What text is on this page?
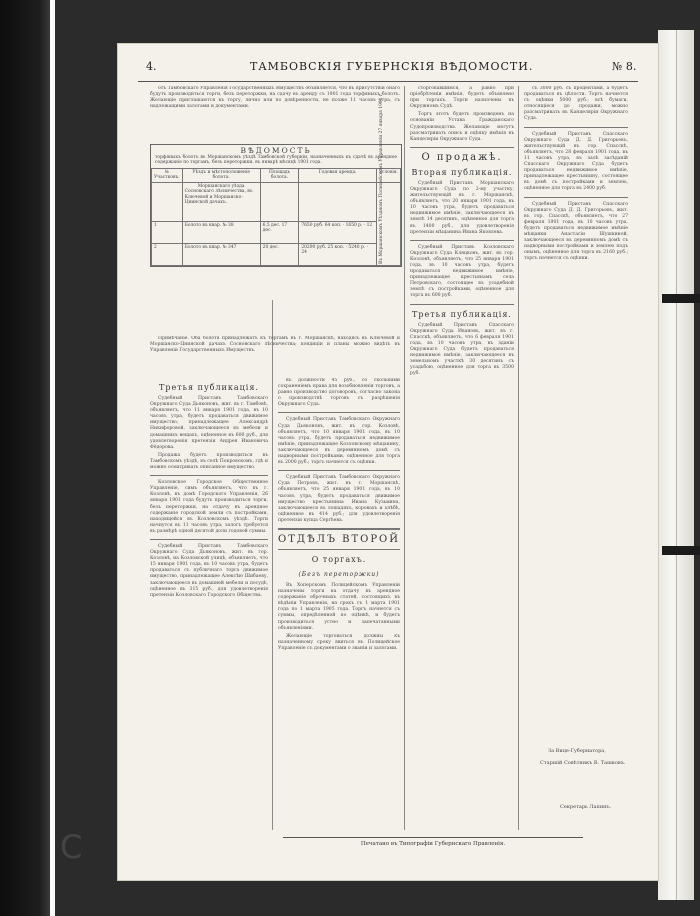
C
4.	ТАМБОВСКІЯ ГУБЕРНСКІЯ ВѢДОМОСТИ.	№ 8.

отъ Тамбовскаго Управленія Государственныхъ Имуществъ объявляется, что въ присутствіи онаго будутъ производиться торги, безъ переторжки, на сдачу въ аренду съ 1901 года торфяныхъ болотъ. Желающіе приглашаются къ торгу, лично или по довѣренности, не позже 11 часовъ утра, съ надлежащими залогами и документами.

ВѢДОМОСТЬ
торфяныхъ болотъ въ Моршанскомъ уѣздѣ Тамбовской губерніи, назначенныхъ къ сдачѣ въ арендное содержаніе по торгамъ, безъ переторжки, въ январѣ мѣсяцѣ 1901 года.
№ Участковъ.	Уѣздъ и мѣстоположеніе болота.	Площадь болота.	Годовая аренда.	Условія.

	Моршанскаго уѣзда
Сосновскаго лѣсничества, въ Ключевой и Моршанско-Цнинской дачахъ.			Въ Моршанскомъ Уѣздномъ Полицейскомъ Управленіи 27 января 1901 г.

1	Болото въ квар. № 38	6,5 дес. 17 дес.	7650 руб. 64 коп. · 1650 р. · 12	
2	Болото въ квар. № 347	20 дес.	20290 руб. 25 коп. · 5240 р. · 24	

Примѣчаніе. Оба болота принадлежатъ къ торгамъ въ г. Моршанскѣ, находясь въ Ключевой и Моршанско-Цнинской дачахъ Сосновскаго лѣсничества; кондиціи и планы можно видѣть въ Управленіи Государственныхъ Имуществъ.

Третья публикація.

Судебный Приставъ Тамбовскаго Окружнаго Суда Дьяконовъ, жит. въ г. Тамбовѣ, объявляетъ, что 11 января 1901 года, въ 10 часовъ утра, будетъ продаваться движимое имущество, принадлежащее Александрѣ Никифоровой, заключающееся въ мебели и домашнихъ вещахъ, оцѣненное въ 600 руб., для удовлетворенія претензіи Андрея Ивановича Фёдорова.

Продажа будетъ производиться въ Тамбовскомъ уѣздѣ, въ селѣ Покровскомъ, гдѣ и можно осматривать описанное имущество.

Козловское Городское Общественное Управленіе, симъ объявляетъ, что въ г. Козловѣ, въ домѣ Городского Управленія, 26 января 1901 года будутъ производиться торги, безъ переторжки, на отдачу въ арендное содержаніе городской земли съ постройками, находящейся въ Козловскомъ уѣздѣ. Торги начнутся въ 11 часовъ утра; залогъ требуется въ размѣрѣ одной десятой доли годовой суммы.

Судебный Приставъ Тамбовскаго Окружнаго Суда Дьяконовъ, жит. въ гор. Козловѣ, на Козловской улицѣ, объявляетъ, что 15 января 1901 года, въ 10 часовъ утра, будетъ продаваться съ публичнаго торга движимое имущество, принадлежащее Алексѣю Шибаеву, заключающееся въ домашней мебели и посудѣ, оцѣненное въ 315 руб., для удовлетворенія претензіи Козловскаго Городского Общества.

въ должности 45 руб., со сколькими сохраненіемъ права для возобновленія торговъ, а равно производство договоровъ, согласно закона о производствѣ торговъ съ разрѣшенія Окружнаго Суда.

Судебный Приставъ Тамбовскаго Окружнаго Суда Дьяконовъ, жит. въ гор. Козловѣ, объявляетъ, что 10 января 1901 года, въ 10 часовъ утра, будетъ продаваться недвижимое имѣніе, принадлежащее Козловскому мѣщанину, заключающееся въ деревянномъ домѣ съ надворными постройками, оцѣненное для торга въ 2000 руб.; торгъ начнется съ оцѣнки.

Судебный Приставъ Тамбовскаго Окружнаго Суда Петровъ, жит. въ г. Моршанскѣ, объявляетъ, что 25 января 1901 года, въ 10 часовъ утра, будетъ продаваться движимое имущество крестьянина Ивана Кузьмина, заключающееся въ лошадяхъ, коровахъ и хлѣбѣ, оцѣненное въ 414 руб.; для удовлетворенія претензіи купца Сергѣева.

ОТДѢЛЪ ВТОРОЙ
О торгахъ.
(Безъ переторжки)

Въ Хоперскомъ Полицейскомъ Управленіи назначены торги на отдачу въ арендное содержаніе оброчныхъ статей, состоящихъ въ вѣдѣніи Управленія, на срокъ съ 1 марта 1901 года по 1 марта 1905 года. Торгъ начнется съ суммы, опредѣленной по оцѣнкѣ, и будетъ производиться устно и запечатанными объявленіями.

Желающіе торговаться должны къ назначенному сроку явиться въ Полицейское Управленіе съ документами о званіи и залогами.

сторговавшимся, а равно при пріобрѣтеніи имѣнія, будетъ объявлено при торгахъ. Торги назначены въ Окружномъ Судѣ.

Торгъ этотъ будетъ произведенъ на основаніи Устава Гражданскаго Судопроизводства. Желающіе могутъ разсматривать опись и оцѣнку имѣнія въ Канцеляріи Окружнаго Суда.

О продажѣ.
Вторая публикація.

Судебный Приставъ Моршанскаго Окружнаго Суда по 2-му участку, жительствующій въ г. Моршанскѣ, объявляетъ, что 20 января 1901 года, въ 10 часовъ утра, будетъ продаваться недвижимое имѣніе, заключающееся въ землѣ 14 десятинъ, оцѣненное для торга въ 1400 руб., для удовлетворенія претензіи мѣщанина Ивана Яковлева.

Судебный Приставъ Козловскаго Окружнаго Суда Кляцковъ, жит. въ гор. Козловѣ, объявляетъ, что 25 января 1901 года, въ 10 часовъ утра, будетъ продаваться недвижимое имѣніе, принадлежащее крестьянамъ села Петровскаго, состоящее въ усадебной землѣ съ постройками, оцѣненное для торга въ 600 руб.

Третья публикація.

Судебный Приставъ Спасскаго Окружнаго Суда Ивановъ, жит. въ г. Спасскѣ, объявляетъ, что 6 февраля 1901 года, въ 10 часовъ утра, въ зданіи Окружнаго Суда будетъ продаваться недвижимое имѣніе, заключающееся въ земельномъ участкѣ 30 десятинъ съ усадьбою, оцѣненное для торга въ 3500 руб.

съ 3000 руб. съ процентами, а будетъ продаваться въ цѣлости. Торгъ начнется съ оцѣнки 5000 руб.; всѣ бумаги, относящіеся до продажи, можно разсматривать въ Канцеляріи Окружнаго Суда.

Судебный Приставъ Спасскаго Окружнаго Суда Д. Д. Григорьевъ, жительствующій въ гор. Спасскѣ, объявляетъ, что 28 февраля 1901 года, въ 11 часовъ утра, въ залѣ засѣданій Спасскаго Окружнаго Суда будетъ продаваться недвижимое имѣніе, принадлежащее крестьянину, состоящее въ домѣ съ постройками и землею, оцѣненное для торга въ 2400 руб.

Судебный Приставъ Спасскаго Окружнаго Суда Д. Д. Григорьевъ, жит. въ гор. Спасскѣ, объявляетъ, что 27 февраля 1901 года, въ 10 часовъ утра, будетъ продаваться недвижимое имѣніе мѣщанки Анастасіи Шушкиной, заключающееся въ деревянномъ домѣ съ надворными постройками и землею подъ онымъ, оцѣненное для торга въ 2160 руб.; торгъ начнется съ оцѣнки.

За Вице-Губернатора,
Старшій Совѣтникъ В. Ташковъ.
Секретарь Лапинъ.
Печатано въ Типографіи Губернскаго Правленія.
